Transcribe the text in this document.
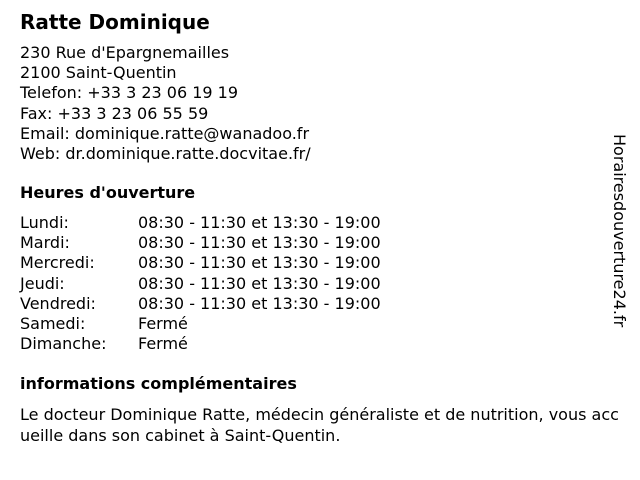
Ratte Dominique
230 Rue d'Epargnemailles
2100 Saint-Quentin
Telefon: +33 3 23 06 19 19
Fax: +33 3 23 06 55 59
Email: dominique.ratte@wanadoo.fr
Web: dr.dominique.ratte.docvitae.fr/
Heures d'ouverture
Lundi:	08:30 - 11:30 et 13:30 - 19:00
Mardi:	08:30 - 11:30 et 13:30 - 19:00
Mercredi:	08:30 - 11:30 et 13:30 - 19:00
Jeudi:	08:30 - 11:30 et 13:30 - 19:00
Vendredi:	08:30 - 11:30 et 13:30 - 19:00
Samedi:	Fermé
Dimanche:	Fermé
informations complémentaires
Le docteur Dominique Ratte, médecin généraliste et de nutrition, vous accueille dans son cabinet à Saint-Quentin.
Horairesdouverture24.fr
